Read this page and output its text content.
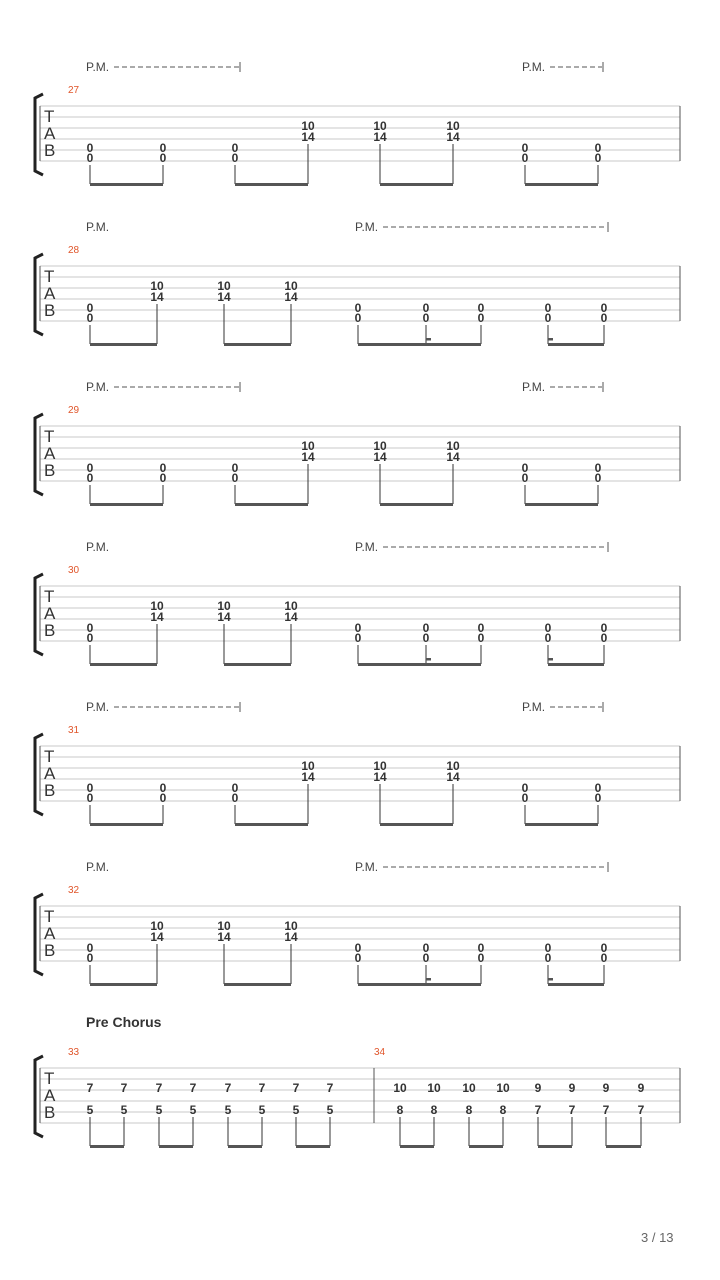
T
A
B
27
P.M.	P.M.
0
0
0
0
0
0
10
14
10
14
10
14
0
0
0
0
T
A
B
28
P.M.	P.M.
0
0
10
14
10
14
10
14
0
0
0
0
0
0
0
0
0
0
T
A
B
29
P.M.	P.M.
0
0
0
0
0
0
10
14
10
14
10
14
0
0
0
0
T
A
B
30
P.M.	P.M.
0
0
10
14
10
14
10
14
0
0
0
0
0
0
0
0
0
0
T
A
B
31
P.M.	P.M.
0
0
0
0
0
0
10
14
10
14
10
14
0
0
0
0
T
A
B
32
P.M.	P.M.
0
0
10
14
10
14
10
14
0
0
0
0
0
0
0
0
0
0
Pre Chorus
T
A
B
33	34
7
5
7
5
7
5
7
5
7
5
7
5
7
5
7
5
10
8
10
8
10
8
10
8
9
7
9
7
9
7
9
7
3 / 13
